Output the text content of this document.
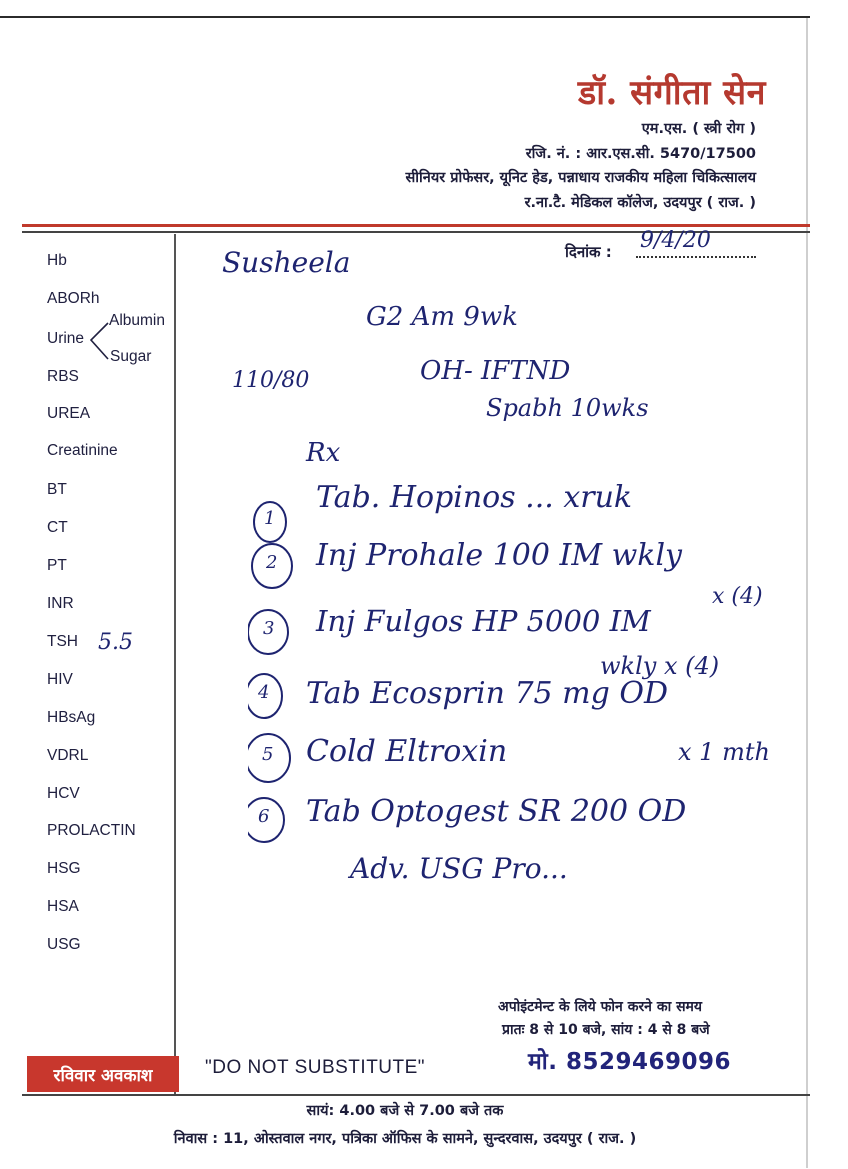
डॉ. संगीता सेन
एम.एस. ( स्त्री रोग )
रजि. नं. : आर.एस.सी. 5470/17500
सीनियर प्रोफेसर, यूनिट हेड, पन्नाधाय राजकीय महिला चिकित्सालय
र.ना.टै. मेडिकल कॉलेज, उदयपुर ( राज. )
दिनांक : 9/4/20
Hb
ABORh
Urine
RBS
UREA
Creatinine
BT
CT
PT
INR
TSH
HIV
HBsAg
VDRL
HCV
PROLACTIN
HSG
HSA
USG
Albumin
Sugar
5.5
Susheela
G2 Am 9wk
OH- IFTND
Spabh 10wks
110/80
Rx
1
2
3
4
5
6
Tab. Hopinos ... xruk
Inj Prohale 100 IM wkly
Inj Fulgos HP 5000 IM
wkly x (4)
x (4)
Tab Ecosprin 75 mg OD
Cold Eltroxin	x 1 mth
Tab Optogest SR 200 OD
Adv. USG Pro...
अपोइंटमेन्ट के लिये फोन करने का समय
प्रातः 8 से 10 बजे, सांय : 4 से 8 बजे
मो. 8529469096
रविवार अवकाश	"DO NOT SUBSTITUTE"
सायं: 4.00 बजे से 7.00 बजे तक
निवास : 11, ओस्तवाल नगर, पत्रिका ऑफिस के सामने, सुन्दरवास, उदयपुर ( राज. )
